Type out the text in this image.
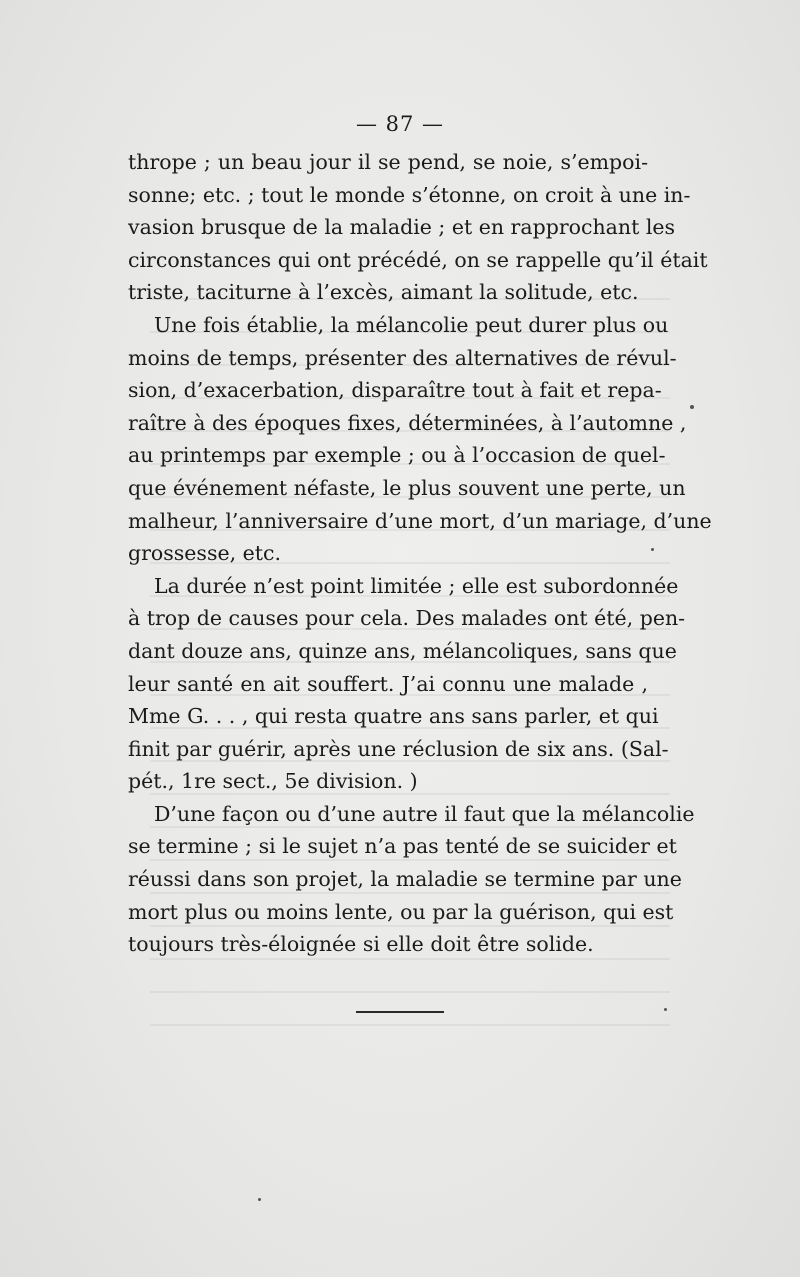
— 87 —
thrope ; un beau jour il se pend, se noie, s’empoi-
sonne; etc. ; tout le monde s’étonne, on croit à une in-
vasion brusque de la maladie ; et en rapprochant les
circonstances qui ont précédé, on se rappelle qu’il était
triste, taciturne à l’excès, aimant la solitude, etc.
Une fois établie, la mélancolie peut durer plus ou
moins de temps, présenter des alternatives de révul-
sion, d’exacerbation, disparaître tout à fait et repa-
raître à des époques fixes, déterminées, à l’automne ,
au printemps par exemple ; ou à l’occasion de quel-
que événement néfaste, le plus souvent une perte, un
malheur, l’anniversaire d’une mort, d’un mariage, d’une
grossesse, etc.
La durée n’est point limitée ; elle est subordonnée
à trop de causes pour cela. Des malades ont été, pen-
dant douze ans, quinze ans, mélancoliques, sans que
leur santé en ait souffert. J’ai connu une malade ,
Mme G. . . , qui resta quatre ans sans parler, et qui
finit par guérir, après une réclusion de six ans. (Sal-
pét., 1re sect., 5e division. )
D’une façon ou d’une autre il faut que la mélancolie
se termine ; si le sujet n’a pas tenté de se suicider et
réussi dans son projet, la maladie se termine par une
mort plus ou moins lente, ou par la guérison, qui est
toujours très-éloignée si elle doit être solide.
